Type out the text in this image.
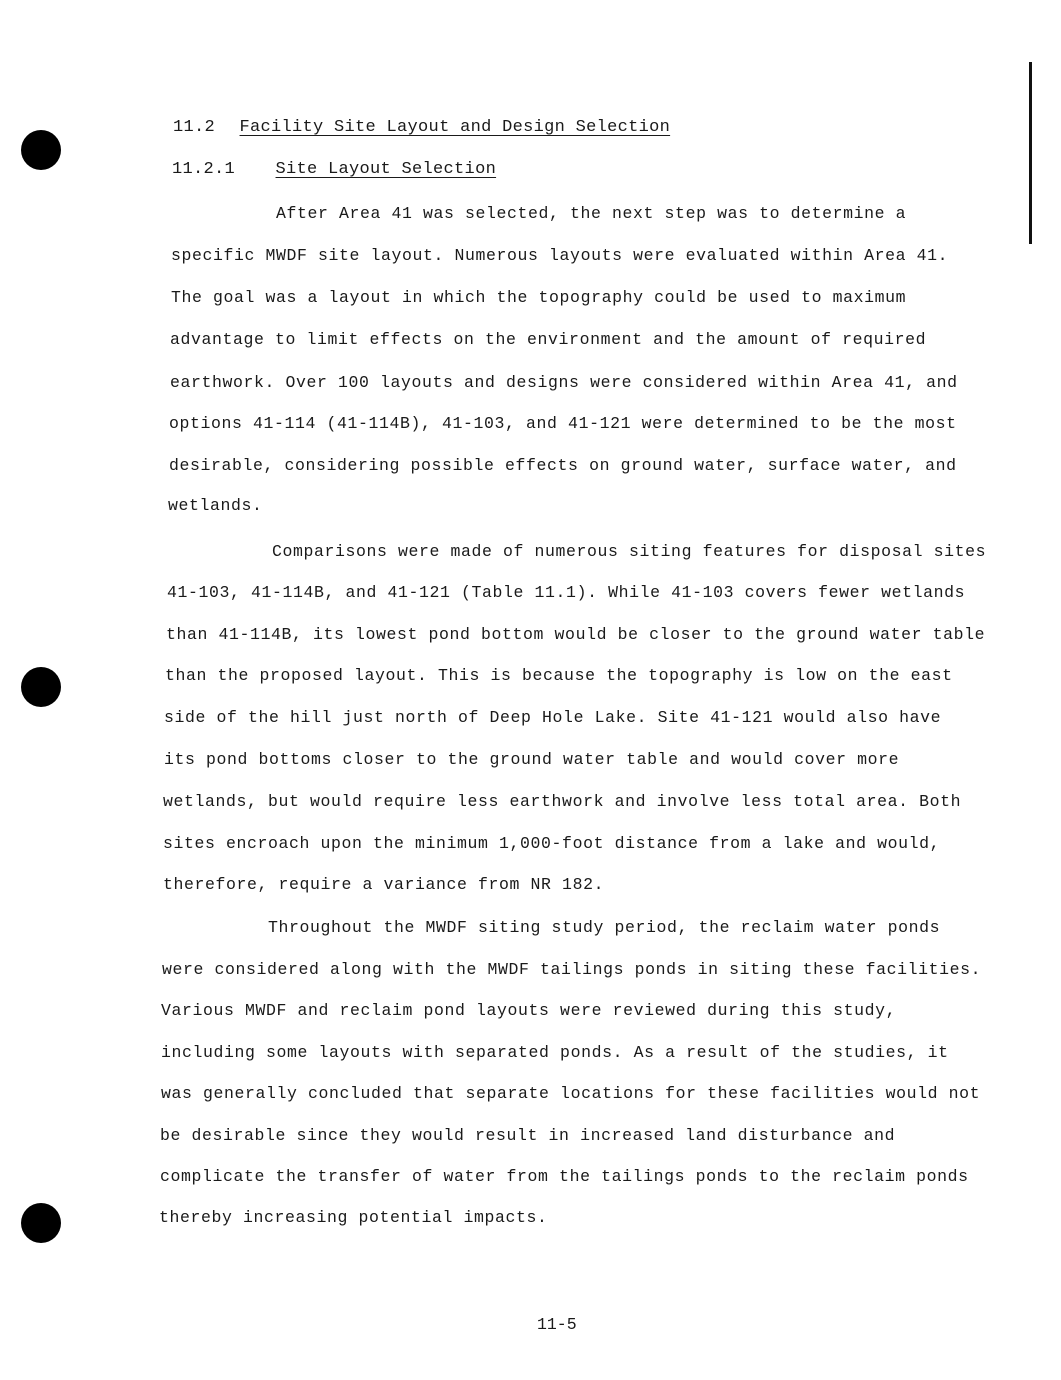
11.2 Facility Site Layout and Design Selection
11.2.1 Site Layout Selection
After Area 41 was selected, the next step was to determine a
specific MWDF site layout. Numerous layouts were evaluated within Area 41.
The goal was a layout in which the topography could be used to maximum
advantage to limit effects on the environment and the amount of required
earthwork. Over 100 layouts and designs were considered within Area 41, and
options 41-114 (41-114B), 41-103, and 41-121 were determined to be the most
desirable, considering possible effects on ground water, surface water, and
wetlands.
Comparisons were made of numerous siting features for disposal sites
41-103, 41-114B, and 41-121 (Table 11.1). While 41-103 covers fewer wetlands
than 41-114B, its lowest pond bottom would be closer to the ground water table
than the proposed layout. This is because the topography is low on the east
side of the hill just north of Deep Hole Lake. Site 41-121 would also have
its pond bottoms closer to the ground water table and would cover more
wetlands, but would require less earthwork and involve less total area. Both
sites encroach upon the minimum 1,000-foot distance from a lake and would,
therefore, require a variance from NR 182.
Throughout the MWDF siting study period, the reclaim water ponds
were considered along with the MWDF tailings ponds in siting these facilities.
Various MWDF and reclaim pond layouts were reviewed during this study,
including some layouts with separated ponds. As a result of the studies, it
was generally concluded that separate locations for these facilities would not
be desirable since they would result in increased land disturbance and
complicate the transfer of water from the tailings ponds to the reclaim ponds
thereby increasing potential impacts.
11-5
